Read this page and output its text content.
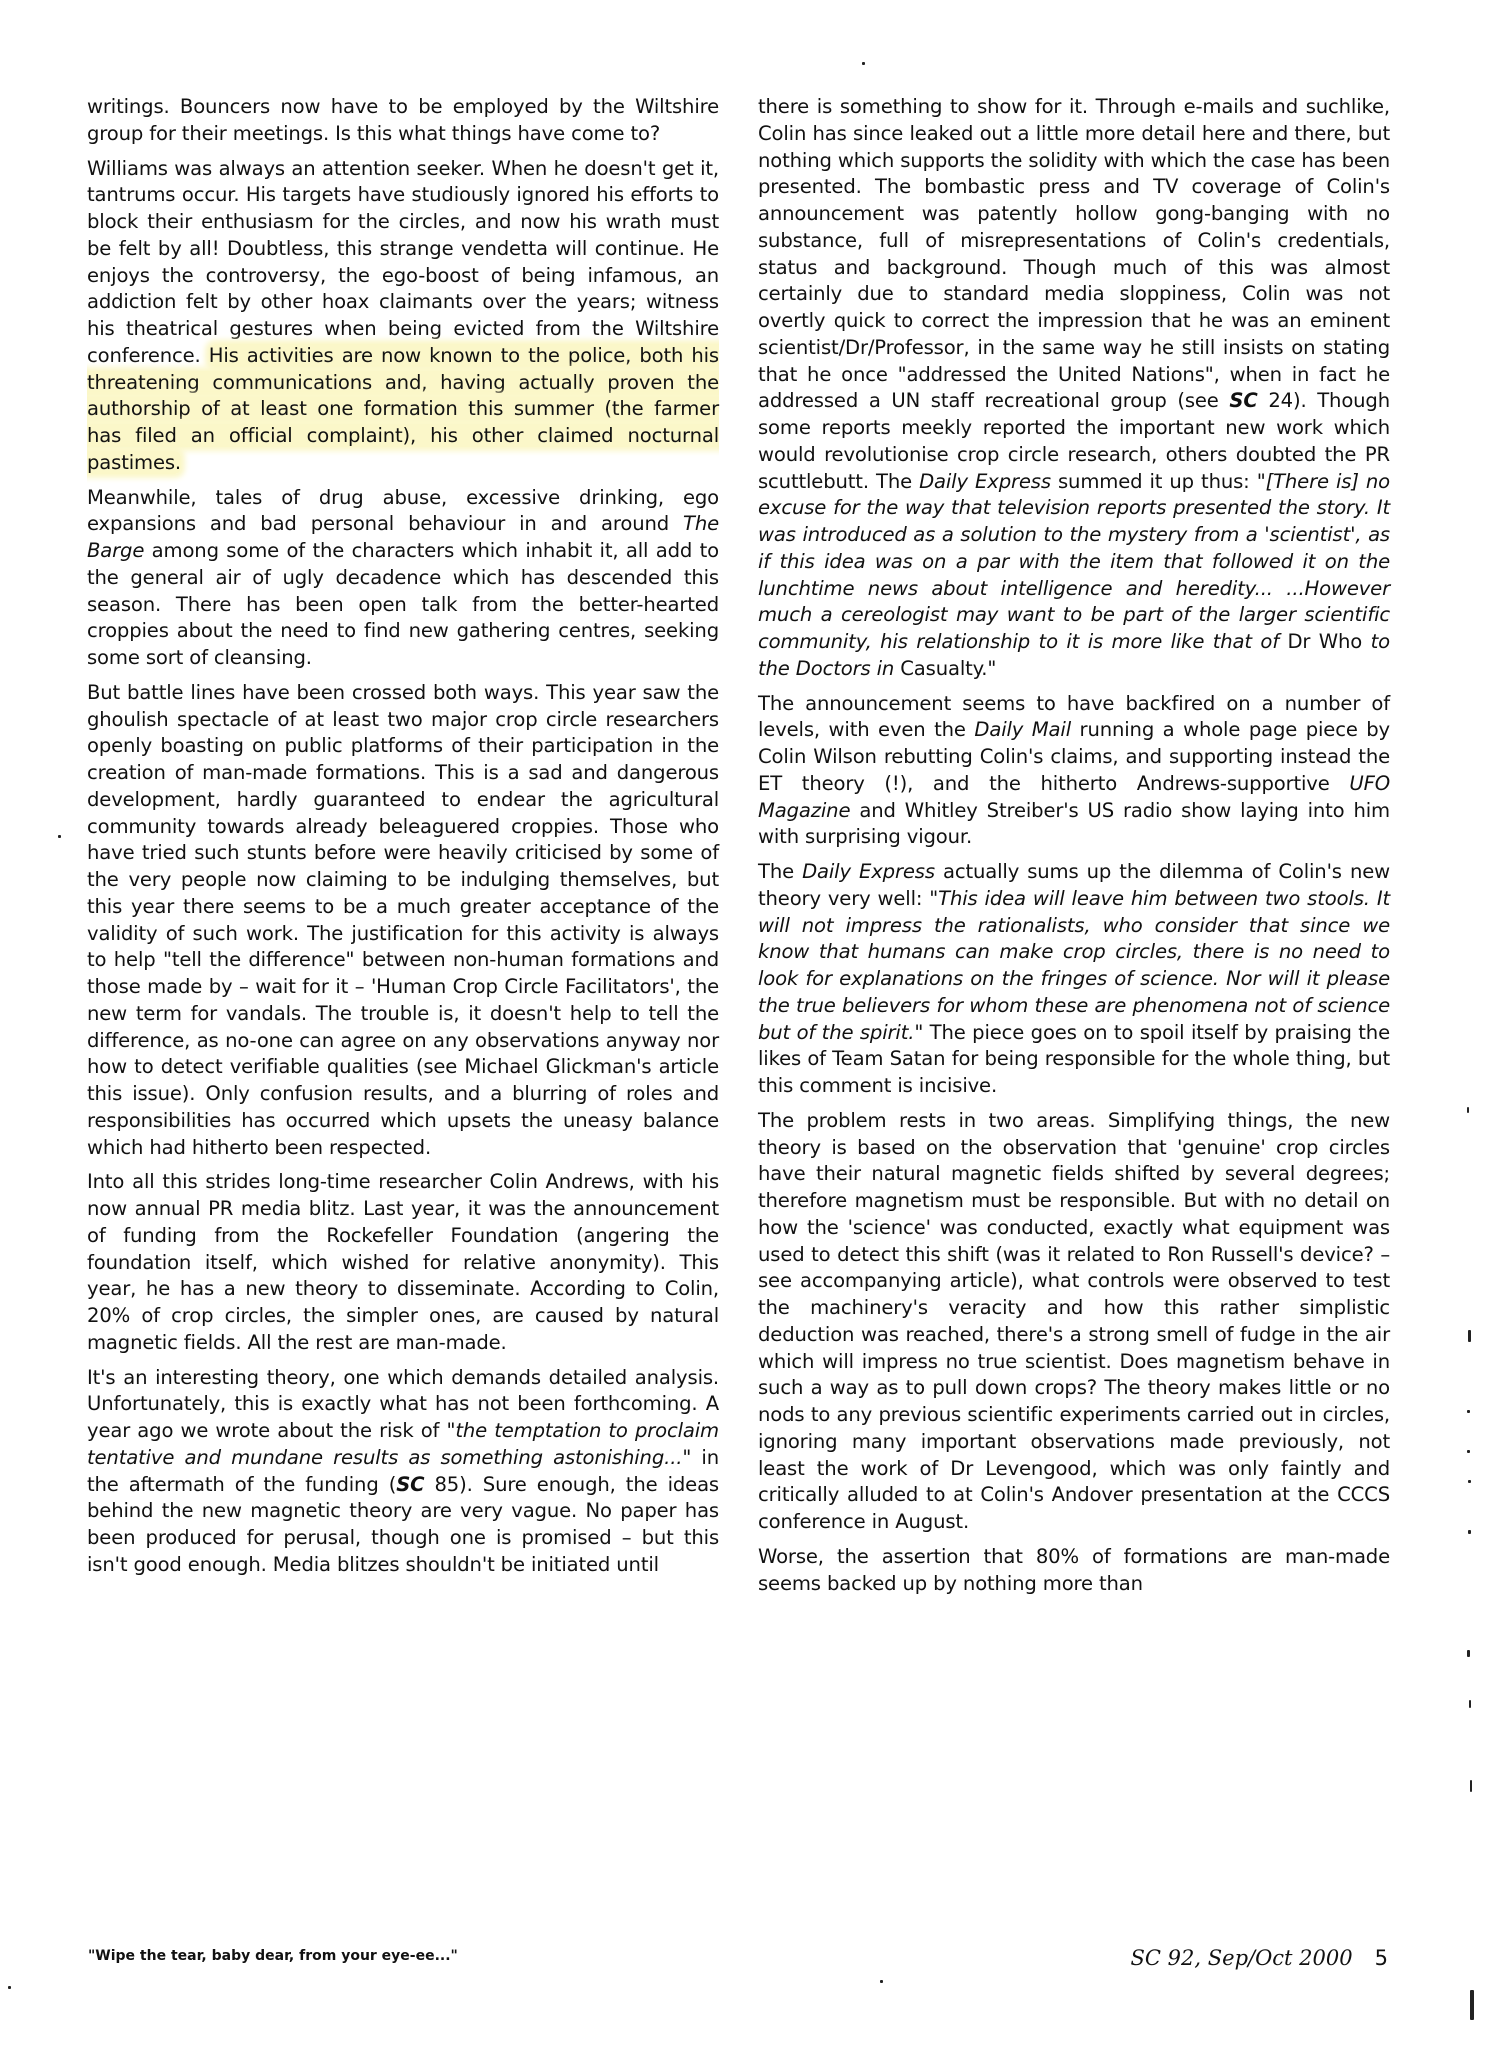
writings. Bouncers now have to be employed by the Wiltshire group for their meetings. Is this what things have come to?

Williams was always an attention seeker. When he doesn't get it, tantrums occur. His targets have studiously ignored his efforts to block their enthusiasm for the circles, and now his wrath must be felt by all! Doubtless, this strange vendetta will continue. He enjoys the controversy, the ego-boost of being infamous, an addiction felt by other hoax claimants over the years; witness his theatrical gestures when being evicted from the Wiltshire conference. His activities are now known to the police, both his threatening communications and, having actually proven the authorship of at least one formation this summer (the farmer has filed an official complaint), his other claimed nocturnal pastimes.

Meanwhile, tales of drug abuse, excessive drinking, ego expansions and bad personal behaviour in and around The Barge among some of the characters which inhabit it, all add to the general air of ugly decadence which has descended this season. There has been open talk from the better-hearted croppies about the need to find new gathering centres, seeking some sort of cleansing.

But battle lines have been crossed both ways. This year saw the ghoulish spectacle of at least two major crop circle researchers openly boasting on public platforms of their participation in the creation of man-made formations. This is a sad and dangerous development, hardly guaranteed to endear the agricultural community towards already beleaguered croppies. Those who have tried such stunts before were heavily criticised by some of the very people now claiming to be indulging themselves, but this year there seems to be a much greater acceptance of the validity of such work. The justification for this activity is always to help "tell the difference" between non-human formations and those made by – wait for it – 'Human Crop Circle Facilitators', the new term for vandals. The trouble is, it doesn't help to tell the difference, as no-one can agree on any observations anyway nor how to detect verifiable qualities (see Michael Glickman's article this issue). Only confusion results, and a blurring of roles and responsibilities has occurred which upsets the uneasy balance which had hitherto been respected.

Into all this strides long-time researcher Colin Andrews, with his now annual PR media blitz. Last year, it was the announcement of funding from the Rockefeller Foundation (angering the foundation itself, which wished for relative anonymity). This year, he has a new theory to disseminate. According to Colin, 20% of crop circles, the simpler ones, are caused by natural magnetic fields. All the rest are man-made.

It's an interesting theory, one which demands detailed analysis. Unfortunately, this is exactly what has not been forthcoming. A year ago we wrote about the risk of "the temptation to proclaim tentative and mundane results as something astonishing..." in the aftermath of the funding (SC 85). Sure enough, the ideas behind the new magnetic theory are very vague. No paper has been produced for perusal, though one is promised – but this isn't good enough. Media blitzes shouldn't be initiated until

there is something to show for it. Through e-mails and suchlike, Colin has since leaked out a little more detail here and there, but nothing which supports the solidity with which the case has been presented. The bombastic press and TV coverage of Colin's announcement was patently hollow gong-banging with no substance, full of misrepresentations of Colin's credentials, status and background. Though much of this was almost certainly due to standard media sloppiness, Colin was not overtly quick to correct the impression that he was an eminent scientist/Dr/Professor, in the same way he still insists on stating that he once "addressed the United Nations", when in fact he addressed a UN staff recreational group (see SC 24). Though some reports meekly reported the important new work which would revolutionise crop circle research, others doubted the PR scuttlebutt. The Daily Express summed it up thus: "[There is] no excuse for the way that television reports presented the story. It was introduced as a solution to the mystery from a 'scientist', as if this idea was on a par with the item that followed it on the lunchtime news about intelligence and heredity... ...However much a cereologist may want to be part of the larger scientific community, his relationship to it is more like that of Dr Who to the Doctors in Casualty."

The announcement seems to have backfired on a number of levels, with even the Daily Mail running a whole page piece by Colin Wilson rebutting Colin's claims, and supporting instead the ET theory (!), and the hitherto Andrews-supportive UFO Magazine and Whitley Streiber's US radio show laying into him with surprising vigour.

The Daily Express actually sums up the dilemma of Colin's new theory very well: "This idea will leave him between two stools. It will not impress the rationalists, who consider that since we know that humans can make crop circles, there is no need to look for explanations on the fringes of science. Nor will it please the true believers for whom these are phenomena not of science but of the spirit." The piece goes on to spoil itself by praising the likes of Team Satan for being responsible for the whole thing, but this comment is incisive.

The problem rests in two areas. Simplifying things, the new theory is based on the observation that 'genuine' crop circles have their natural magnetic fields shifted by several degrees; therefore magnetism must be responsible. But with no detail on how the 'science' was conducted, exactly what equipment was used to detect this shift (was it related to Ron Russell's device? – see accompanying article), what controls were observed to test the machinery's veracity and how this rather simplistic deduction was reached, there's a strong smell of fudge in the air which will impress no true scientist. Does magnetism behave in such a way as to pull down crops? The theory makes little or no nods to any previous scientific experiments carried out in circles, ignoring many important observations made previously, not least the work of Dr Levengood, which was only faintly and critically alluded to at Colin's Andover presentation at the CCCS conference in August.

Worse, the assertion that 80% of formations are man-made seems backed up by nothing more than

"Wipe the tear, baby dear, from your eye-ee..."	SC 92, Sep/Oct 2000 5
